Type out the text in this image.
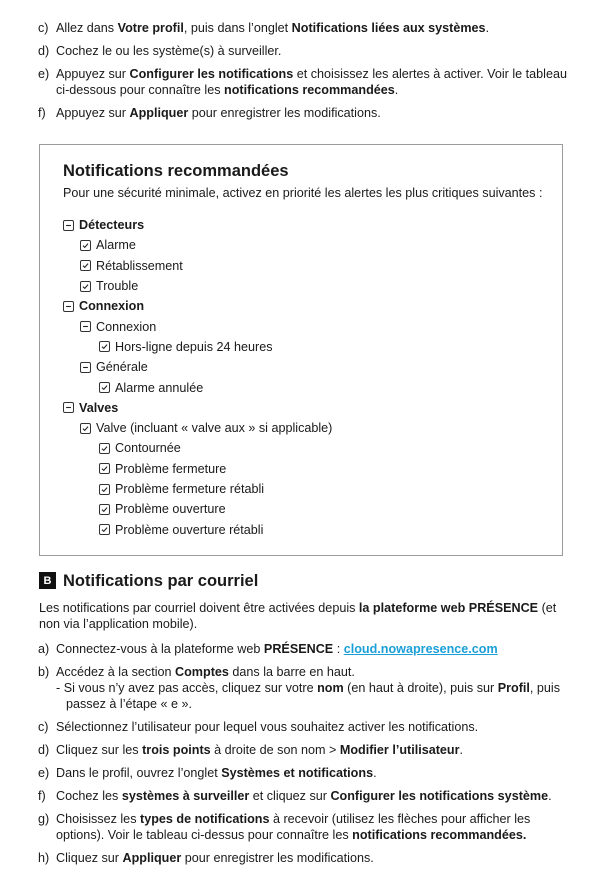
c) Allez dans Votre profil, puis dans l’onglet Notifications liées aux systèmes.
d) Cochez le ou les système(s) à surveiller.
e) Appuyez sur Configurer les notifications et choisissez les alertes à activer. Voir le tableau ci-dessous pour connaître les notifications recommandées.
f) Appuyez sur Appliquer pour enregistrer les modifications.
Notifications recommandées
Pour une sécurité minimale, activez en priorité les alertes les plus critiques suivantes :
Détecteurs
Alarme
Rétablissement
Trouble
Connexion
Connexion
Hors-ligne depuis 24 heures
Générale
Alarme annulée
Valves
Valve (incluant « valve aux » si applicable)
Contournée
Problème fermeture
Problème fermeture rétabli
Problème ouverture
Problème ouverture rétabli
B Notifications par courriel
Les notifications par courriel doivent être activées depuis la plateforme web PRÉSENCE (et non via l’application mobile).
a) Connectez-vous à la plateforme web PRÉSENCE : cloud.nowapresence.com
b) Accédez à la section Comptes dans la barre en haut.
- Si vous n’y avez pas accès, cliquez sur votre nom (en haut à droite), puis sur Profil, puis passez à l’étape « e ».
c) Sélectionnez l’utilisateur pour lequel vous souhaitez activer les notifications.
d) Cliquez sur les trois points à droite de son nom > Modifier l’utilisateur.
e) Dans le profil, ouvrez l’onglet Systèmes et notifications.
f) Cochez les systèmes à surveiller et cliquez sur Configurer les notifications système.
g) Choisissez les types de notifications à recevoir (utilisez les flèches pour afficher les options). Voir le tableau ci-dessus pour connaître les notifications recommandées.
h) Cliquez sur Appliquer pour enregistrer les modifications.
